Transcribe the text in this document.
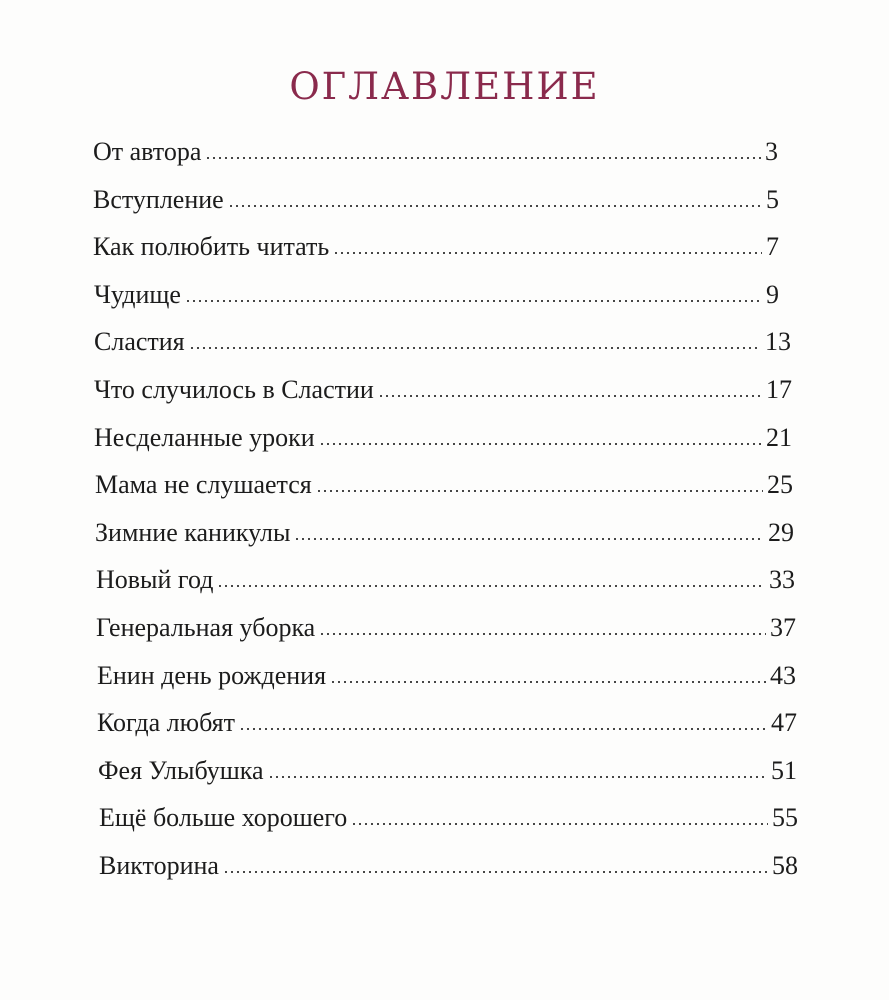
ОГЛАВЛЕНИЕ
От автора	3
Вступление	5
Как полюбить читать	7
Чудище	9
Сластия	13
Что случилось в Сластии	17
Несделанные уроки	21
Мама не слушается	25
Зимние каникулы	29
Новый год	33
Генеральная уборка	37
Енин день рождения	43
Когда любят	47
Фея Улыбушка	51
Ещё больше хорошего	55
Викторина	58
